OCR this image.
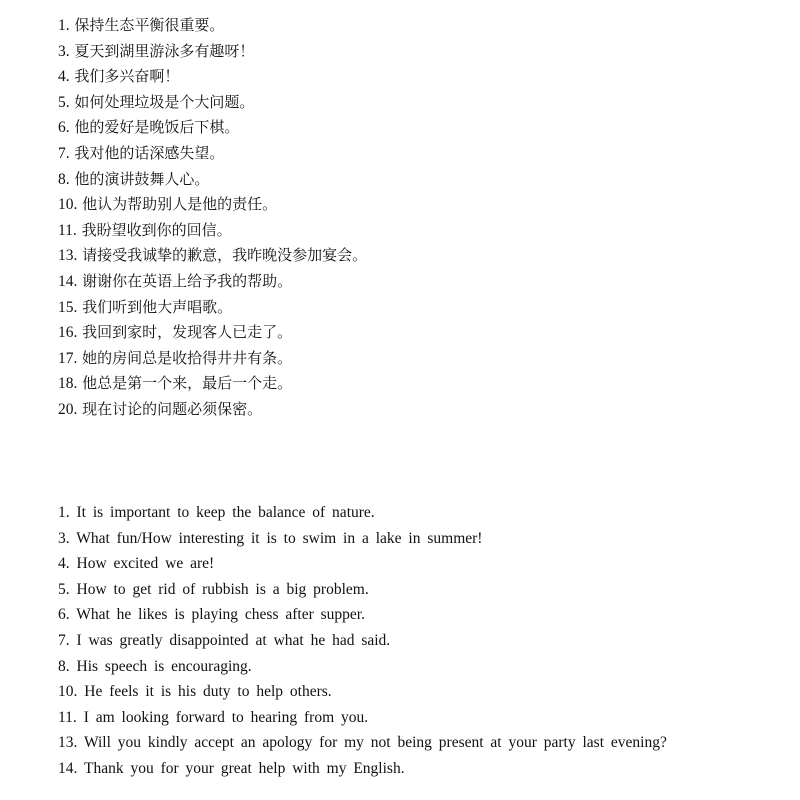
1. 保持生态平衡很重要。
3. 夏天到湖里游泳多有趣呀！
4. 我们多兴奋啊！
5. 如何处理垃圾是个大问题。
6. 他的爱好是晚饭后下棋。
7. 我对他的话深感失望。
8. 他的演讲鼓舞人心。
10. 他认为帮助别人是他的责任。
11. 我盼望收到你的回信。
13. 请接受我诚挚的歉意，我昨晚没参加宴会。
14. 谢谢你在英语上给予我的帮助。
15. 我们听到他大声唱歌。
16. 我回到家时，发现客人已走了。
17. 她的房间总是收拾得井井有条。
18. 他总是第一个来，最后一个走。
20. 现在讨论的问题必须保密。
1. It is important to keep the balance of nature.
3. What fun/How interesting it is to swim in a lake in summer!
4. How excited we are!
5. How to get rid of rubbish is a big problem.
6. What he likes is playing chess after supper.
7. I was greatly disappointed at what he had said.
8. His speech is encouraging.
10. He feels it is his duty to help others.
11. I am looking forward to hearing from you.
13. Will you kindly accept an apology for my not being present at your party last evening?
14. Thank you for your great help with my English.
